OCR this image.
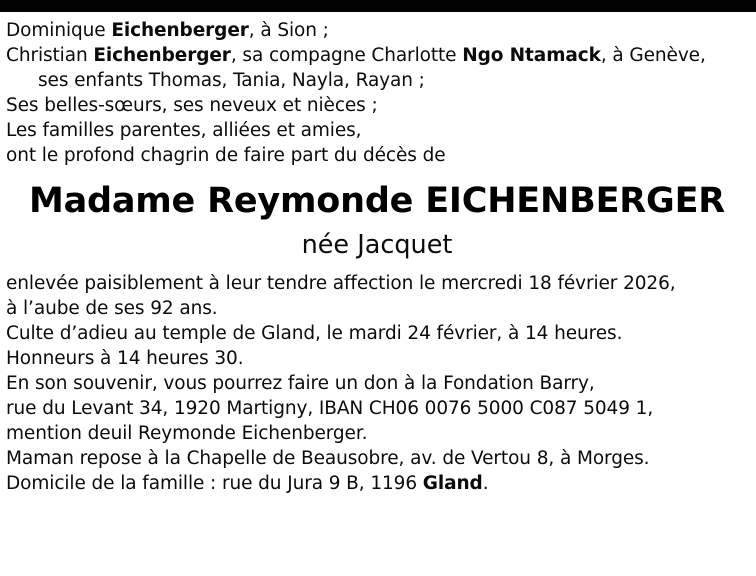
Dominique Eichenberger, à Sion ;
Christian Eichenberger, sa compagne Charlotte Ngo Ntamack, à Genève,
ses enfants Thomas, Tania, Nayla, Rayan ;
Ses belles-sœurs, ses neveux et nièces ;
Les familles parentes, alliées et amies,
ont le profond chagrin de faire part du décès de
Madame Reymonde EICHENBERGER
née Jacquet
enlevée paisiblement à leur tendre affection le mercredi 18 février 2026,
à l’aube de ses 92 ans.
Culte d’adieu au temple de Gland, le mardi 24 février, à 14 heures.
Honneurs à 14 heures 30.
En son souvenir, vous pourrez faire un don à la Fondation Barry,
rue du Levant 34, 1920 Martigny, IBAN CH06 0076 5000 C087 5049 1,
mention deuil Reymonde Eichenberger.
Maman repose à la Chapelle de Beausobre, av. de Vertou 8, à Morges.
Domicile de la famille : rue du Jura 9 B, 1196 Gland.
